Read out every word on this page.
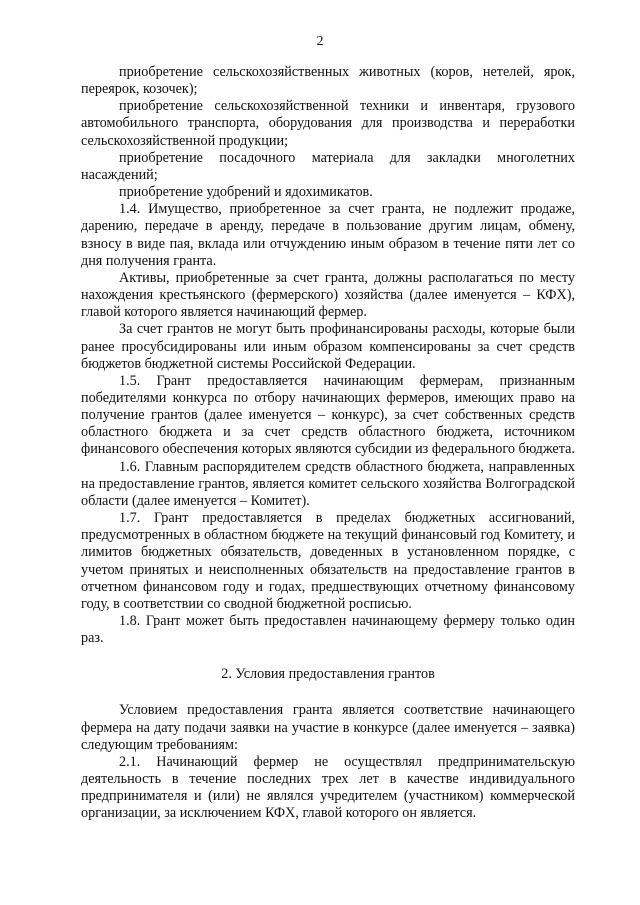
2

приобретение сельскохозяйственных животных (коров, нетелей, ярок, переярок, козочек);

приобретение сельскохозяйственной техники и инвентаря, грузового автомобильного транспорта, оборудования для производства и переработки сельскохозяйственной продукции;

приобретение посадочного материала для закладки многолетних насаждений;

приобретение удобрений и ядохимикатов.

1.4. Имущество, приобретенное за счет гранта, не подлежит продаже, дарению, передаче в аренду, передаче в пользование другим лицам, обмену, взносу в виде пая, вклада или отчуждению иным образом в течение пяти лет со дня получения гранта.

Активы, приобретенные за счет гранта, должны располагаться по месту нахождения крестьянского (фермерского) хозяйства (далее именуется – КФХ), главой которого является начинающий фермер.

За счет грантов не могут быть профинансированы расходы, которые были ранее просубсидированы или иным образом компенсированы за счет средств бюджетов бюджетной системы Российской Федерации.

1.5. Грант предоставляется начинающим фермерам, признанным победителями конкурса по отбору начинающих фермеров, имеющих право на получение грантов (далее именуется – конкурс), за счет собственных средств областного бюджета и за счет средств областного бюджета, источником финансового обеспечения которых являются субсидии из федерального бюджета.

1.6. Главным распорядителем средств областного бюджета, направленных на предоставление грантов, является комитет сельского хозяйства Волгоградской области (далее именуется – Комитет).

1.7. Грант предоставляется в пределах бюджетных ассигнований, предусмотренных в областном бюджете на текущий финансовый год Комитету, и лимитов бюджетных обязательств, доведенных в установленном порядке, с учетом принятых и неисполненных обязательств на предоставление грантов в отчетном финансовом году и годах, предшествующих отчетному финансовому году, в соответствии со сводной бюджетной росписью.

1.8. Грант может быть предоставлен начинающему фермеру только один раз.

2. Условия предоставления грантов

Условием предоставления гранта является соответствие начинающего фермера на дату подачи заявки на участие в конкурсе (далее именуется – заявка) следующим требованиям:

2.1. Начинающий фермер не осуществлял предпринимательскую деятельность в течение последних трех лет в качестве индивидуального предпринимателя и (или) не являлся учредителем (участником) коммерческой организации, за исключением КФХ, главой которого он является.
